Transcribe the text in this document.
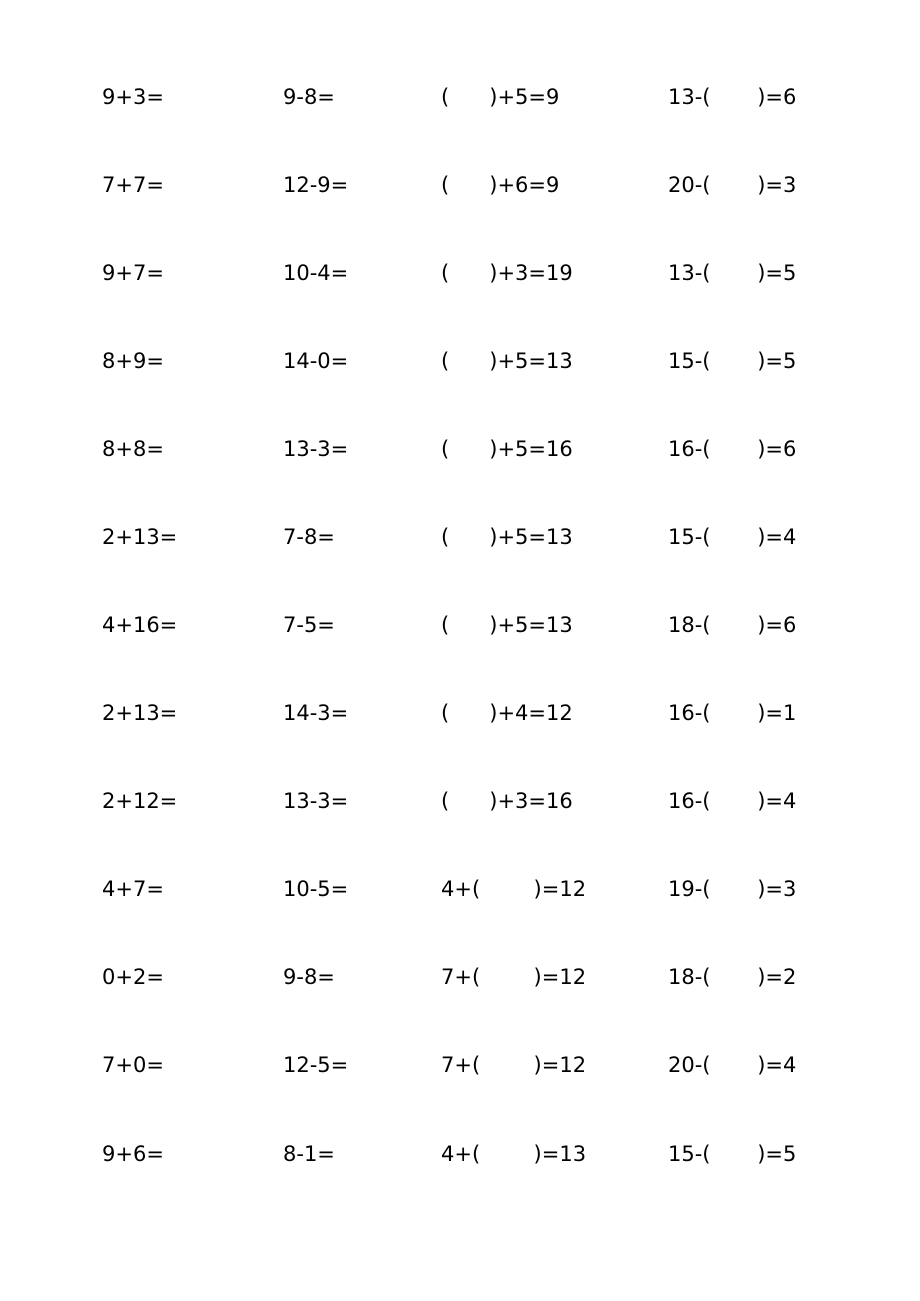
9+3=	9-8=	(      )+5=9	13-(       )=6
7+7=	12-9=	(      )+6=9	20-(       )=3
9+7=	10-4=	(      )+3=19	13-(       )=5
8+9=	14-0=	(      )+5=13	15-(       )=5
8+8=	13-3=	(      )+5=16	16-(       )=6
2+13=	7-8=	(      )+5=13	15-(       )=4
4+16=	7-5=	(      )+5=13	18-(       )=6
2+13=	14-3=	(      )+4=12	16-(       )=1
2+12=	13-3=	(      )+3=16	16-(       )=4
4+7=	10-5=	4+(        )=12	19-(       )=3
0+2=	9-8=	7+(        )=12	18-(       )=2
7+0=	12-5=	7+(        )=12	20-(       )=4
9+6=	8-1=	4+(        )=13	15-(       )=5
